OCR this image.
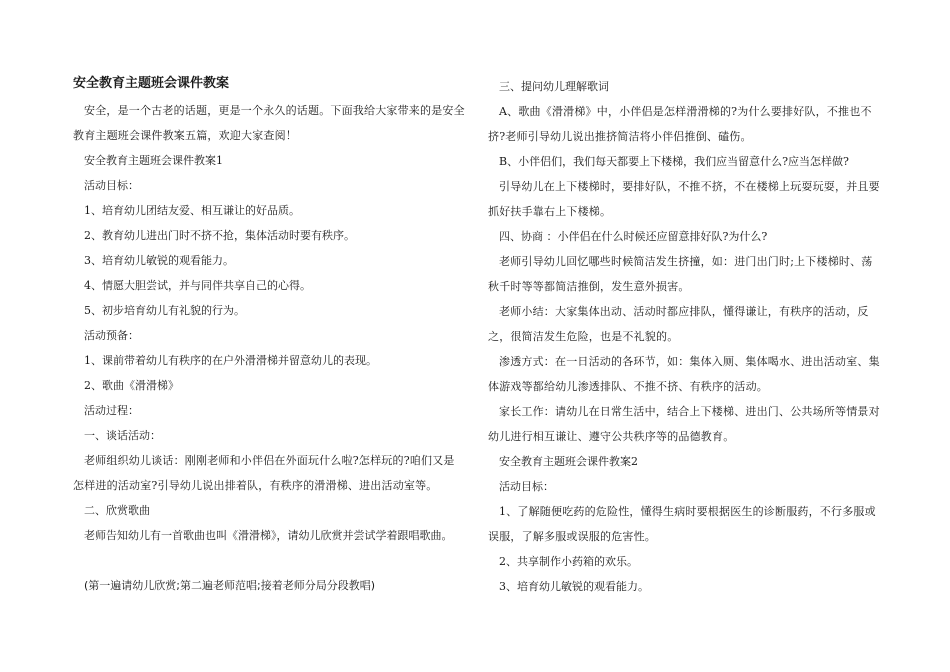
安全教育主题班会课件教案
安全，是一个古老的话题，更是一个永久的话题。下面我给大家带来的是安全教育主题班会课件教案五篇，欢迎大家查阅！
安全教育主题班会课件教案1
活动目标：
1、培育幼儿团结友爱、相互谦让的好品质。
2、教育幼儿进出门时不挤不抢，集体活动时要有秩序。
3、培育幼儿敏锐的观看能力。
4、情愿大胆尝试，并与同伴共享自己的心得。
5、初步培育幼儿有礼貌的行为。
活动预备：
1、课前带着幼儿有秩序的在户外滑滑梯并留意幼儿的表现。
2、歌曲《滑滑梯》
活动过程：
一、谈话活动：
老师组织幼儿谈话：刚刚老师和小伴侣在外面玩什么啦?怎样玩的?咱们又是怎样进的活动室?引导幼儿说出排着队，有秩序的滑滑梯、进出活动室等。
二、欣赏歌曲
老师告知幼儿有一首歌曲也叫《滑滑梯》，请幼儿欣赏并尝试学着跟唱歌曲。
(第一遍请幼儿欣赏;第二遍老师范唱;接着老师分局分段教唱)
三、提问幼儿理解歌词
A、歌曲《滑滑梯》中，小伴侣是怎样滑滑梯的?为什么要排好队，不推也不挤?老师引导幼儿说出推挤简洁将小伴侣推倒、磕伤。
B、小伴侣们，我们每天都要上下楼梯，我们应当留意什么?应当怎样做?
引导幼儿在上下楼梯时，要排好队，不推不挤，不在楼梯上玩耍玩耍，并且要抓好扶手靠右上下楼梯。
四、协商 ：小伴侣在什么时候还应留意排好队?为什么?
老师引导幼儿回忆哪些时候简洁发生挤撞，如：进门出门时;上下楼梯时、荡秋千时等等都简洁推倒，发生意外损害。
老师小结：大家集体出动、活动时都应排队，懂得谦让，有秩序的活动，反之，很简洁发生危险，也是不礼貌的。
渗透方式：在一日活动的各环节，如：集体入厕、集体喝水、进出活动室、集体游戏等都给幼儿渗透排队、不推不挤、有秩序的活动。
家长工作：请幼儿在日常生活中，结合上下楼梯、进出门、公共场所等情景对幼儿进行相互谦让、遵守公共秩序等的品德教育。
安全教育主题班会课件教案2
活动目标：
1、了解随便吃药的危险性，懂得生病时要根据医生的诊断服药，不行多服或误服，了解多服或误服的危害性。
2、共享制作小药箱的欢乐。
3、培育幼儿敏锐的观看能力。
